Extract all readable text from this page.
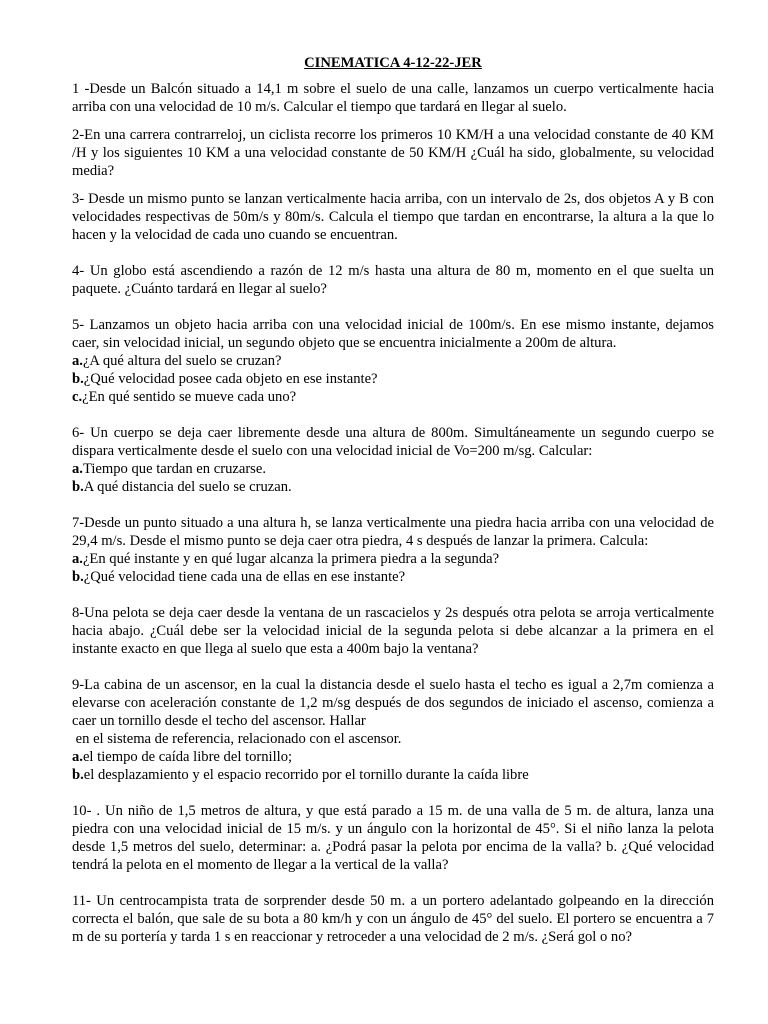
CINEMATICA 4-12-22-JER

1 -Desde un Balcón situado a 14,1 m sobre el suelo de una calle, lanzamos un cuerpo verticalmente hacia arriba con una velocidad de 10 m/s. Calcular el tiempo que tardará en llegar al suelo.

2-En una carrera contrarreloj, un ciclista recorre los primeros 10 KM/H a una velocidad constante de 40 KM /H y los siguientes 10 KM a una velocidad constante de 50 KM/H ¿Cuál ha sido, globalmente, su velocidad media?

3- Desde un mismo punto se lanzan verticalmente hacia arriba, con un intervalo de 2s, dos objetos A y B con velocidades respectivas de 50m/s y 80m/s. Calcula el tiempo que tardan en encontrarse, la altura a la que lo hacen y la velocidad de cada uno cuando se encuentran.

4- Un globo está ascendiendo a razón de 12 m/s hasta una altura de 80 m, momento en el que suelta un paquete. ¿Cuánto tardará en llegar al suelo?

5- Lanzamos un objeto hacia arriba con una velocidad inicial de 100m/s. En ese mismo instante, dejamos caer, sin velocidad inicial, un segundo objeto que se encuentra inicialmente a 200m de altura.

a.¿A qué altura del suelo se cruzan?

b.¿Qué velocidad posee cada objeto en ese instante?

c.¿En qué sentido se mueve cada uno?

6- Un cuerpo se deja caer libremente desde una altura de 800m. Simultáneamente un segundo cuerpo se dispara verticalmente desde el suelo con una velocidad inicial de Vo=200 m/sg. Calcular:

a.Tiempo que tardan en cruzarse.

b.A qué distancia del suelo se cruzan.

7-Desde un punto situado a una altura h, se lanza verticalmente una piedra hacia arriba con una velocidad de 29,4 m/s. Desde el mismo punto se deja caer otra piedra, 4 s después de lanzar la primera. Calcula:

a.¿En qué instante y en qué lugar alcanza la primera piedra a la segunda?

b.¿Qué velocidad tiene cada una de ellas en ese instante?

8-Una pelota se deja caer desde la ventana de un rascacielos y 2s después otra pelota se arroja verticalmente hacia abajo. ¿Cuál debe ser la velocidad inicial de la segunda pelota si debe alcanzar a la primera en el instante exacto en que llega al suelo que esta a 400m bajo la ventana?

9-La cabina de un ascensor, en la cual la distancia desde el suelo hasta el techo es igual a 2,7m comienza a elevarse con aceleración constante de 1,2 m/sg después de dos segundos de iniciado el ascenso, comienza a caer un tornillo desde el techo del ascensor. Hallar

en el sistema de referencia, relacionado con el ascensor.

a.el tiempo de caída libre del tornillo;

b.el desplazamiento y el espacio recorrido por el tornillo durante la caída libre

10- . Un niño de 1,5 metros de altura, y que está parado a 15 m. de una valla de 5 m. de altura, lanza una piedra con una velocidad inicial de 15 m/s. y un ángulo con la horizontal de 45°. Si el niño lanza la pelota desde 1,5 metros del suelo, determinar: a. ¿Podrá pasar la pelota por encima de la valla? b. ¿Qué velocidad tendrá la pelota en el momento de llegar a la vertical de la valla?

11- Un centrocampista trata de sorprender desde 50 m. a un portero adelantado golpeando en la dirección correcta el balón, que sale de su bota a 80 km/h y con un ángulo de 45° del suelo. El portero se encuentra a 7 m de su portería y tarda 1 s en reaccionar y retroceder a una velocidad de 2 m/s. ¿Será gol o no?
